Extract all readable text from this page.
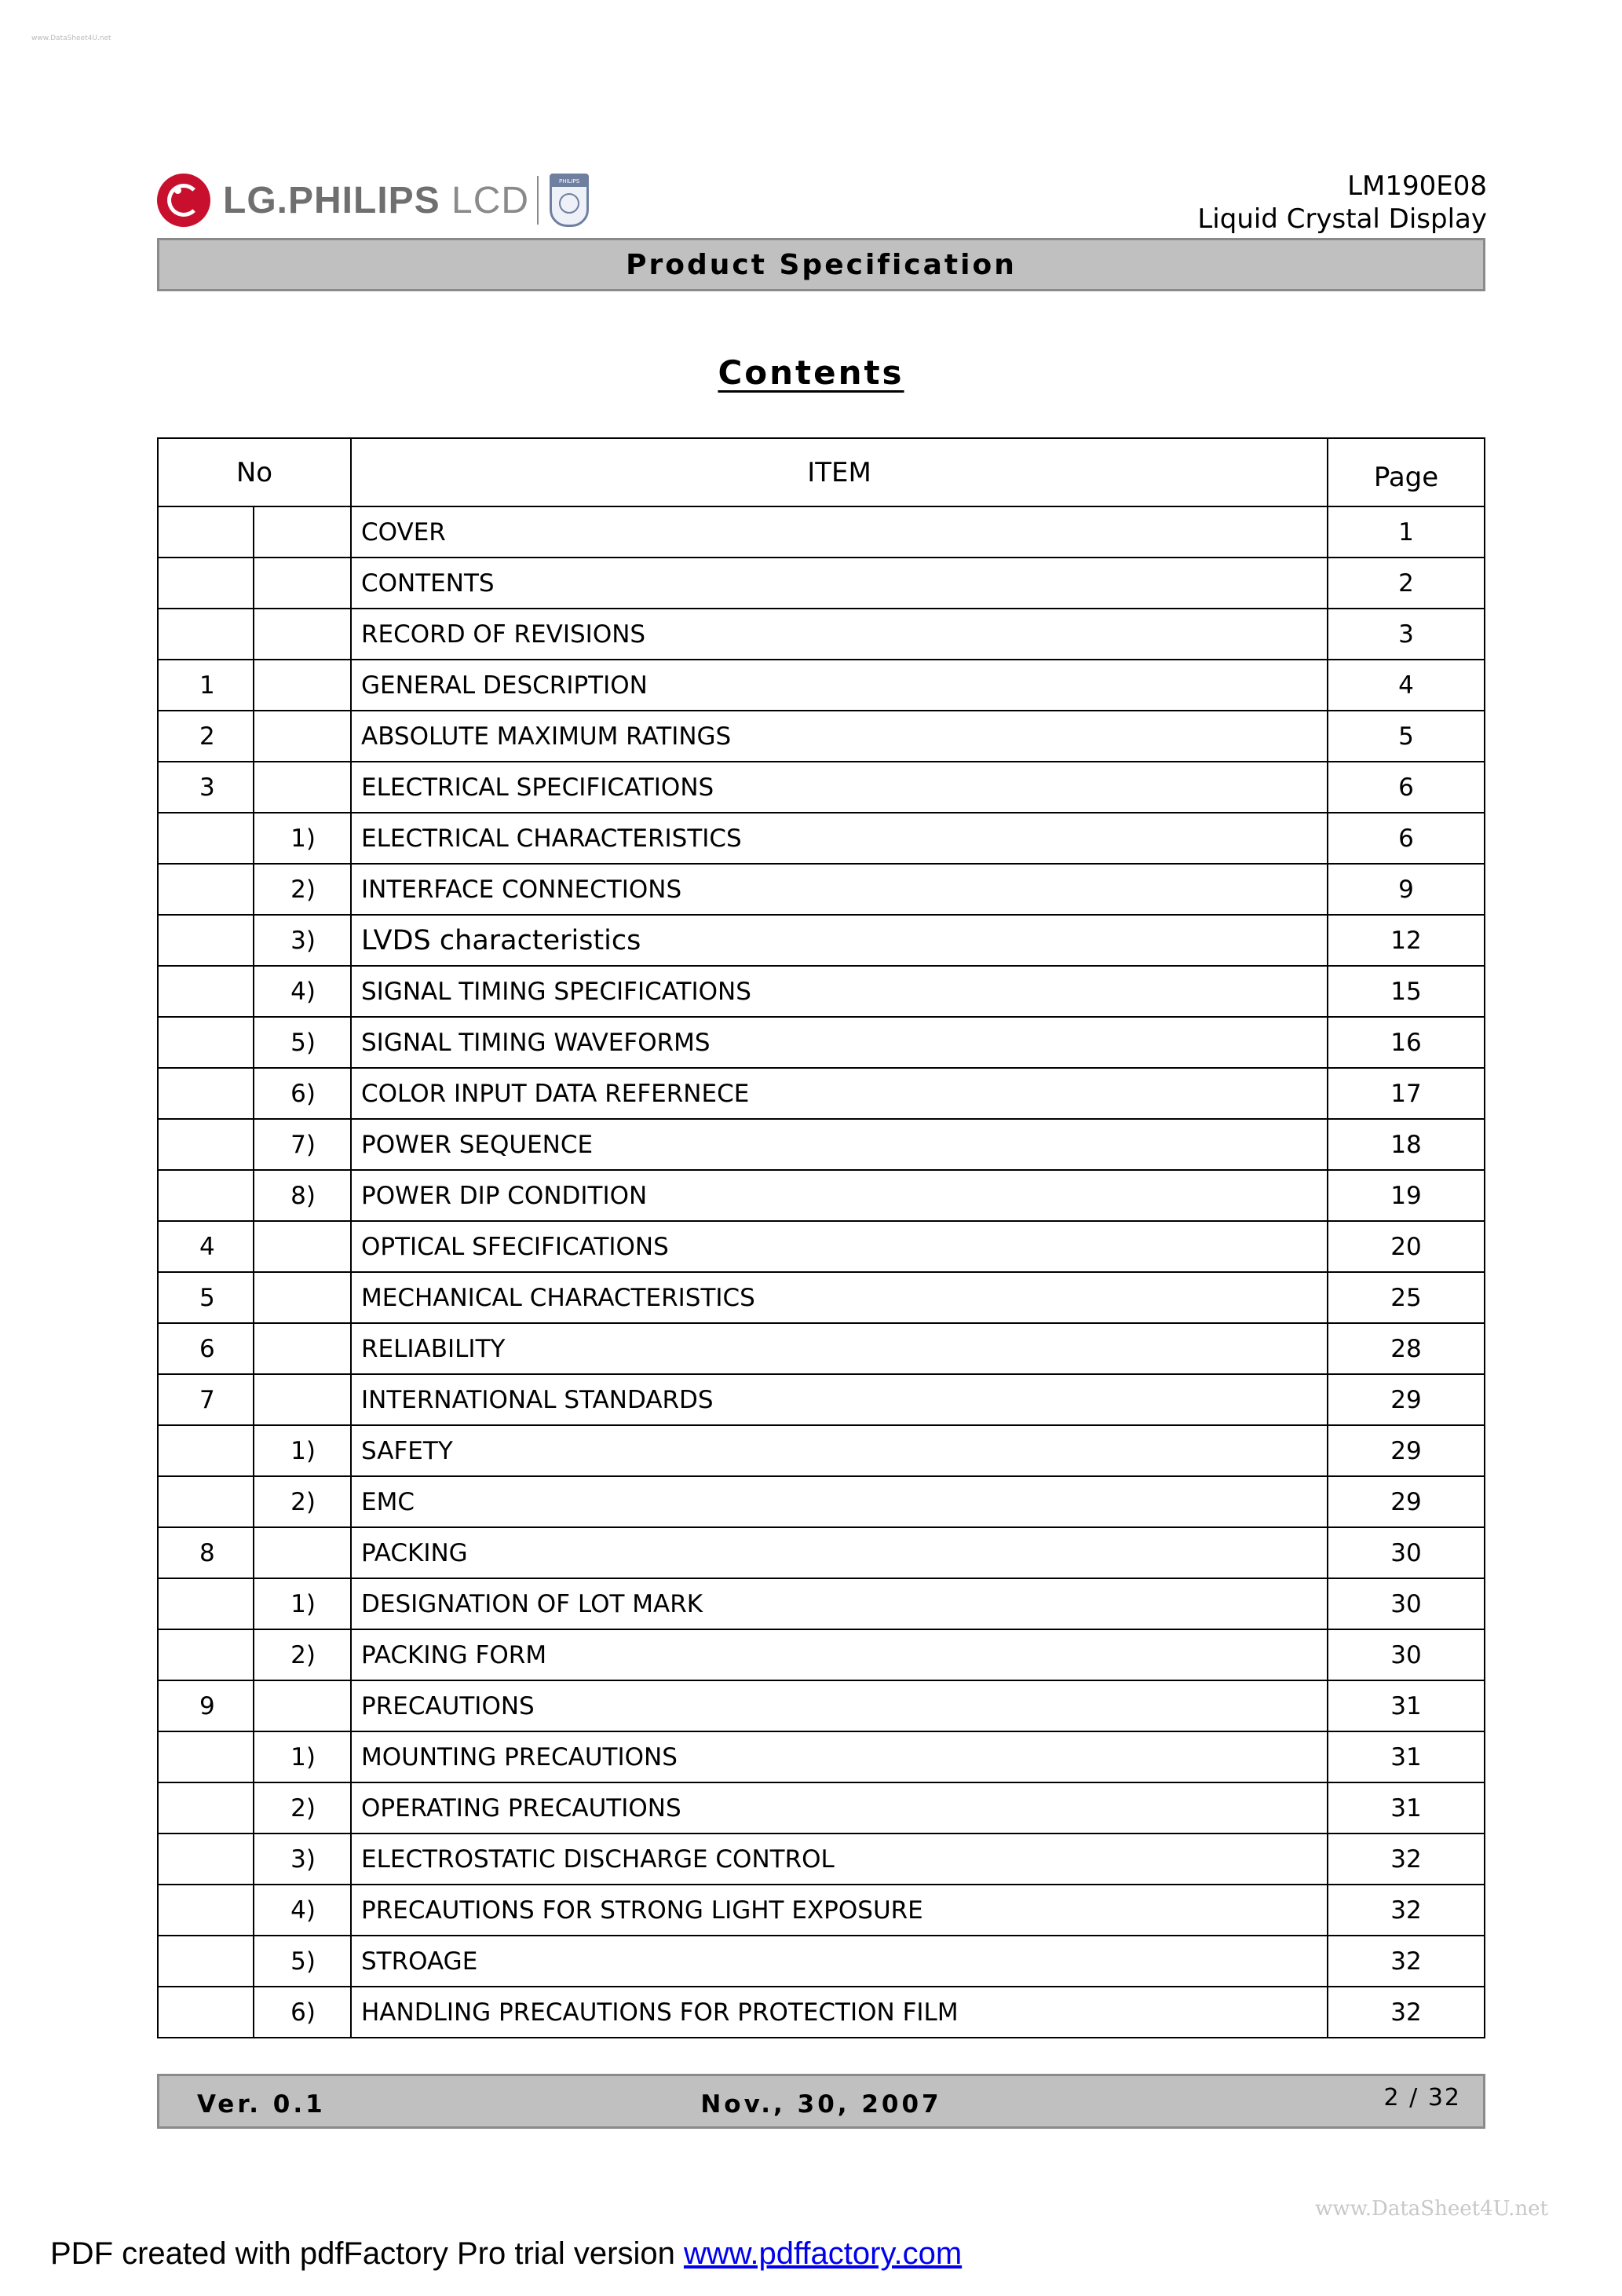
www.DataSheet4U.net
LG.PHILIPS LCD	PHILIPS	LM190E08
Liquid Crystal Display
Product Specification
Contents
No		ITEM	Page
		COVER	1
		CONTENTS	2
		RECORD OF REVISIONS	3
1		GENERAL DESCRIPTION	4
2		ABSOLUTE MAXIMUM RATINGS	5
3		ELECTRICAL SPECIFICATIONS	6
	1)	ELECTRICAL CHARACTERISTICS	6
	2)	INTERFACE CONNECTIONS	9
	3)	LVDS characteristics	12
	4)	SIGNAL TIMING SPECIFICATIONS	15
	5)	SIGNAL TIMING WAVEFORMS	16
	6)	COLOR INPUT DATA REFERNECE	17
	7)	POWER SEQUENCE	18
	8)	POWER DIP CONDITION	19
4		OPTICAL SFECIFICATIONS	20
5		MECHANICAL CHARACTERISTICS	25
6		RELIABILITY	28
7		INTERNATIONAL STANDARDS	29
	1)	SAFETY	29
	2)	EMC	29
8		PACKING	30
	1)	DESIGNATION OF LOT MARK	30
	2)	PACKING FORM	30
9		PRECAUTIONS	31
	1)	MOUNTING PRECAUTIONS	31
	2)	OPERATING PRECAUTIONS	31
	3)	ELECTROSTATIC DISCHARGE CONTROL	32
	4)	PRECAUTIONS FOR STRONG LIGHT EXPOSURE	32
	5)	STROAGE	32
	6)	HANDLING PRECAUTIONS FOR PROTECTION FILM	32
Ver. 0.1	Nov., 30, 2007	2 / 32
www.DataSheet4U.net
PDF created with pdfFactory Pro trial version www.pdffactory.com
